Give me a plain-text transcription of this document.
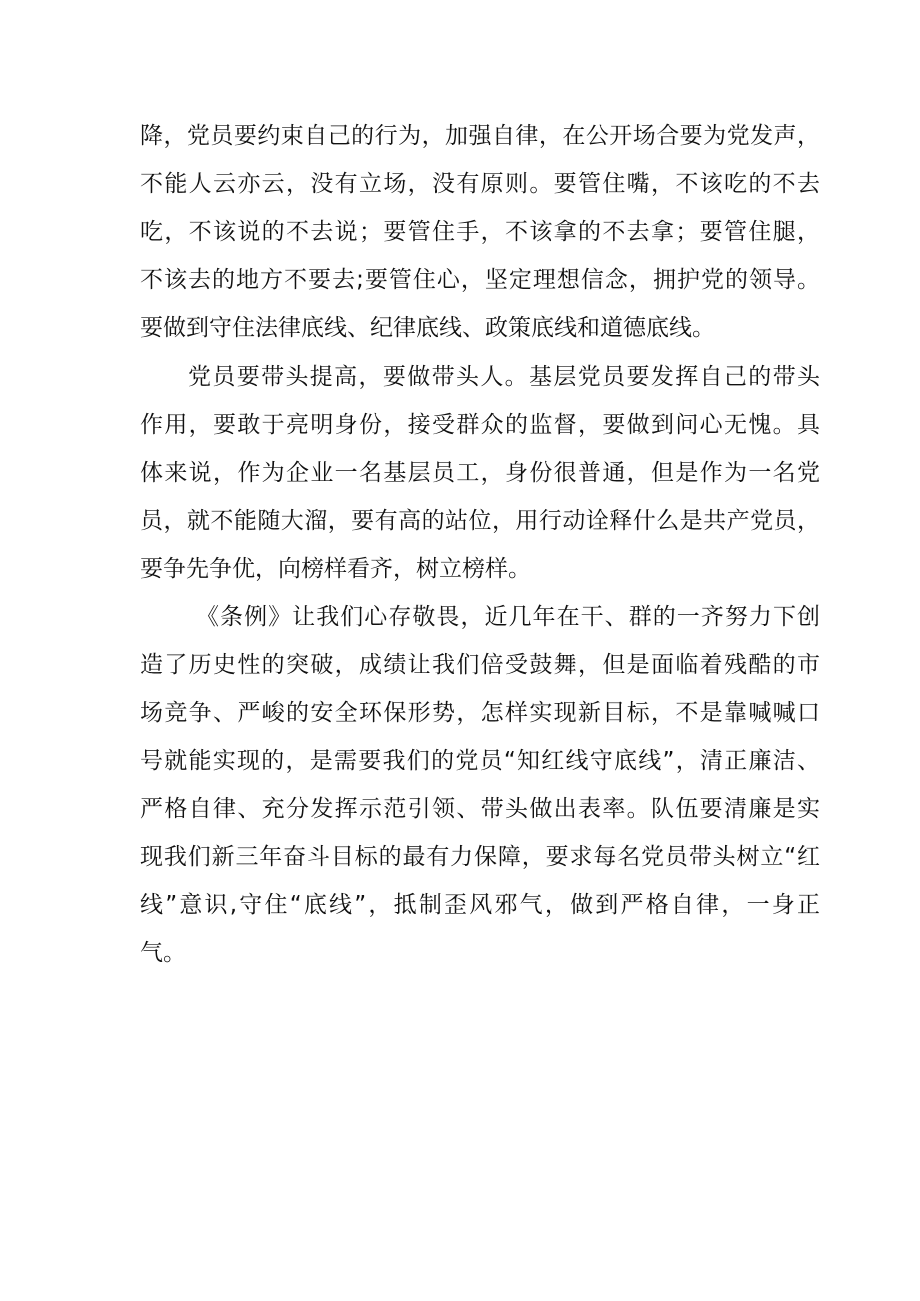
降，党员要约束自己的行为，加强自律，在公开场合要为党发声，
不能人云亦云，没有立场，没有原则。要管住嘴，不该吃的不去
吃，不该说的不去说；要管住手，不该拿的不去拿；要管住腿，
不该去的地方不要去;要管住心，坚定理想信念，拥护党的领导。
要做到守住法律底线、纪律底线、政策底线和道德底线。
党员要带头提高，要做带头人。基层党员要发挥自己的带头
作用，要敢于亮明身份，接受群众的监督，要做到问心无愧。具
体来说，作为企业一名基层员工，身份很普通，但是作为一名党
员，就不能随大溜，要有高的站位，用行动诠释什么是共产党员，
要争先争优，向榜样看齐，树立榜样。
《条例》让我们心存敬畏，近几年在干、群的一齐努力下创
造了历史性的突破，成绩让我们倍受鼓舞，但是面临着残酷的市
场竞争、严峻的安全环保形势，怎样实现新目标，不是靠喊喊口
号就能实现的，是需要我们的党员“知红线守底线”，清正廉洁、
严格自律、充分发挥示范引领、带头做出表率。队伍要清廉是实
现我们新三年奋斗目标的最有力保障，要求每名党员带头树立“红
线”意识,守住“底线”，抵制歪风邪气，做到严格自律，一身正
气。
